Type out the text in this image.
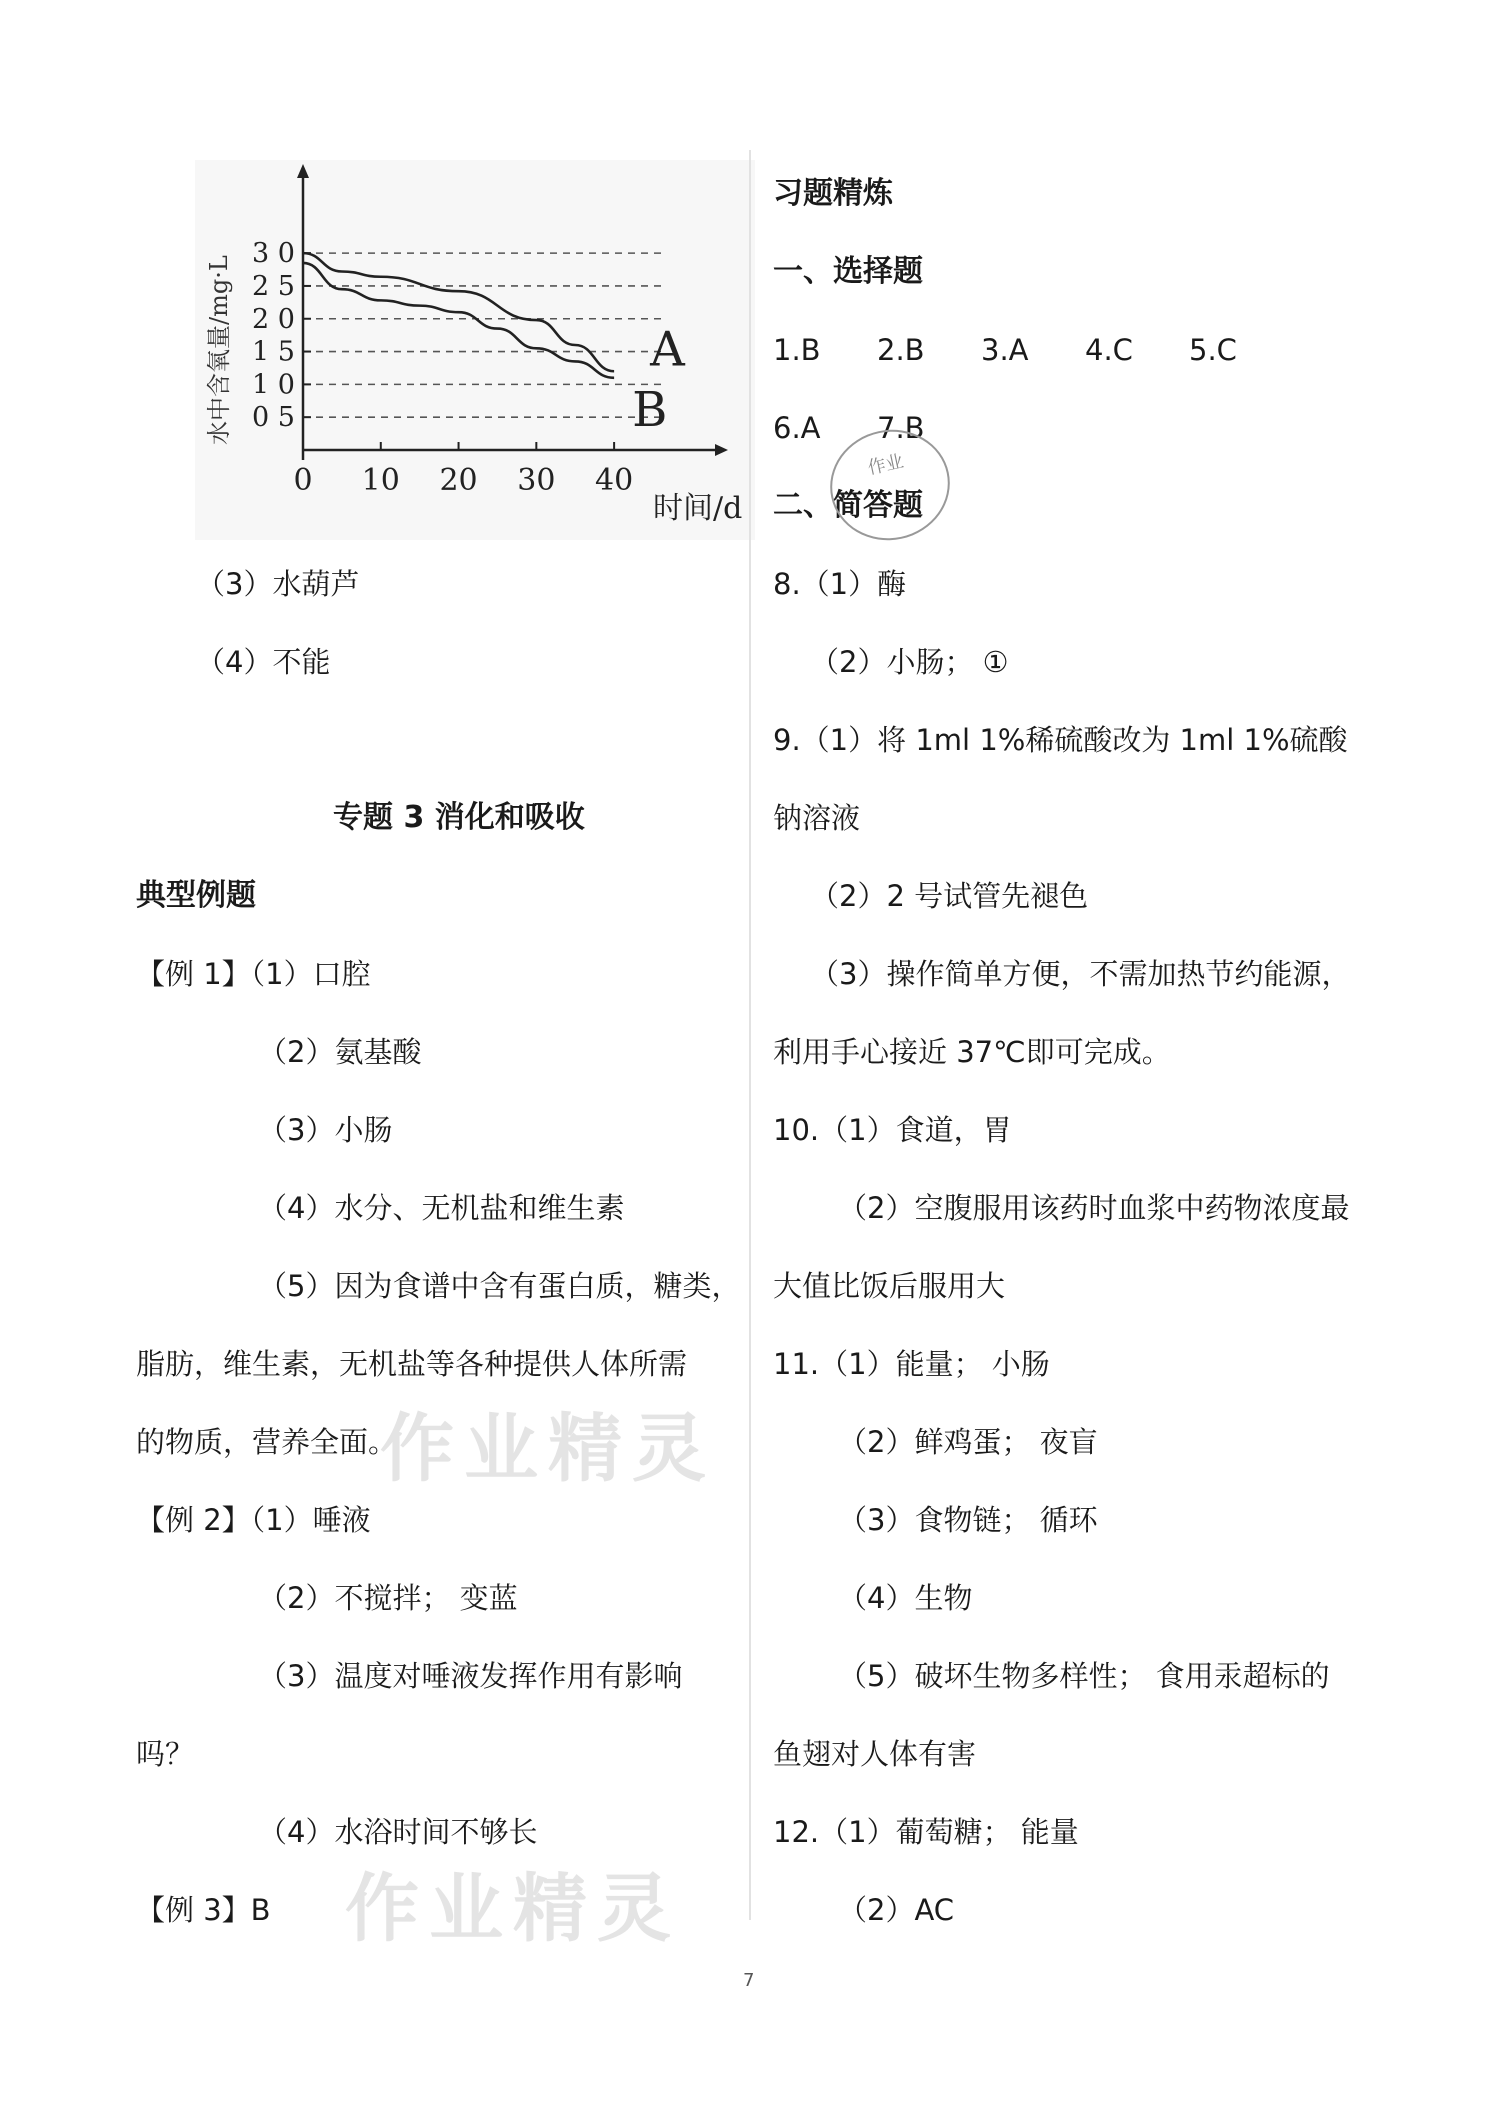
0 10 20 30 40
0 5
1 0
1 5
2 0
2 5
3 0
A
B
时间/d
水中含氧量/mg·L
（3）水葫芦
（4）不能
专题 3 消化和吸收
典型例题
【例 1】（1）口腔
（2）氨基酸
（3）小肠
（4）水分、无机盐和维生素
（5）因为食谱中含有蛋白质，糖类，
脂肪，维生素，无机盐等各种提供人体所需
的物质，营养全面。
【例 2】（1）唾液
（2）不搅拌； 变蓝
（3）温度对唾液发挥作用有影响
吗？
（4）水浴时间不够长
【例 3】B
习题精炼
一、选择题
1.B 2.B 3.A 4.C 5.C
6.A 7.B
二、简答题
8.（1）酶
（2）小肠； ①
9.（1）将 1ml 1%稀硫酸改为 1ml 1%硫酸
钠溶液
（2）2 号试管先褪色
（3）操作简单方便，不需加热节约能源，
利用手心接近 37℃即可完成。
10.（1）食道，胃
（2）空腹服用该药时血浆中药物浓度最
大值比饭后服用大
11.（1）能量； 小肠
（2）鲜鸡蛋； 夜盲
（3）食物链； 循环
（4）生物
（5）破坏生物多样性； 食用汞超标的
鱼翅对人体有害
12.（1）葡萄糖； 能量
（2）AC
作业
作业精灵
作业精灵
7
